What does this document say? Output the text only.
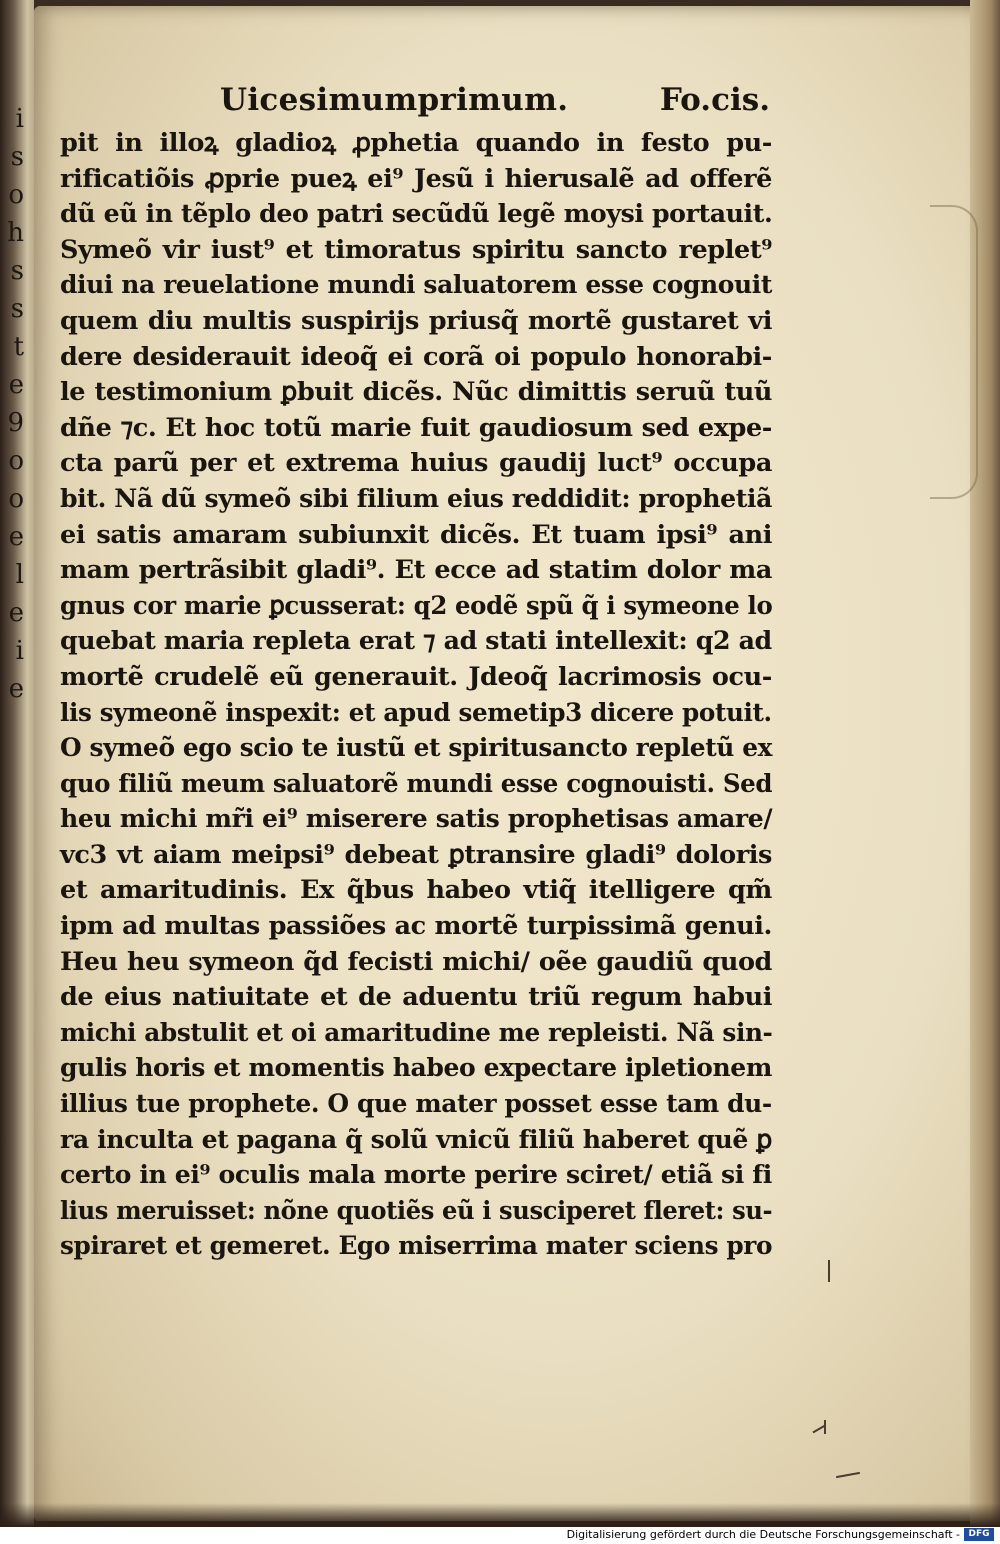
i
s
o
h
s
s
t
e
9
o
o
e
l
e
i
e
Uicesimumprimum.	Fo.cis.
pit in illoꝝ gladioꝝ ꝓphetia quando in festo pu-
rificatiõis ꝓprie pueꝝ ei⁹ Jesũ i hierusalẽ ad offerẽ
dũ eũ in tẽplo deo patri secũdũ legẽ moysi portauit.
Symeõ vir iust⁹ et timoratus spiritu sancto replet⁹
diui na reuelatione mundi saluatorem esse cognouit
quem diu multis suspirijs priusq̃ mortẽ gustaret vi
dere desiderauit ideoq̃ ei corã oi populo honorabi-
le testimonium ꝑbuit dicẽs. Nũc dimittis seruũ tuũ
dñe ⁊c. Et hoc totũ marie fuit gaudiosum sed expe-
cta parũ per et extrema huius gaudij luct⁹ occupa
bit. Nã dũ symeõ sibi filium eius reddidit: prophetiã
ei satis amaram subiunxit dicẽs. Et tuam ipsi⁹ ani
mam pertrãsibit gladi⁹. Et ecce ad statim dolor ma
gnus cor marie ꝑcusserat: q2 eodẽ spũ q̃ i symeone lo
quebat maria repleta erat ⁊ ad stati intellexit: q2 ad
mortẽ crudelẽ eũ generauit. Jdeoq̃ lacrimosis ocu-
lis symeonẽ inspexit: et apud semetip3 dicere potuit.
O symeõ ego scio te iustũ et spiritusancto repletũ ex
quo filiũ meum saluatorẽ mundi esse cognouisti. Sed
heu michi mr̃i ei⁹ miserere satis prophetisas amare/
vc3 vt aiam meipsi⁹ debeat ꝑtransire gladi⁹ doloris
et amaritudinis. Ex q̃bus habeo vtiq̃ itelligere qm̃
ipm ad multas passiões ac mortẽ turpissimã genui.
Heu heu symeon q̃d fecisti michi/ oẽe gaudiũ quod
de eius natiuitate et de aduentu triũ regum habui
michi abstulit et oi amaritudine me repleisti. Nã sin-
gulis horis et momentis habeo expectare ipletionem
illius tue prophete. O que mater posset esse tam du-
ra inculta et pagana q̃ solũ vnicũ filiũ haberet quẽ ꝑ
certo in ei⁹ oculis mala morte perire sciret/ etiã si fi
lius meruisset: nõne quotiẽs eũ i susciperet fleret: su-
spiraret et gemeret. Ego miserrima mater sciens pro
Digitalisierung gefördert durch die Deutsche Forschungsgemeinschaft - DFG
